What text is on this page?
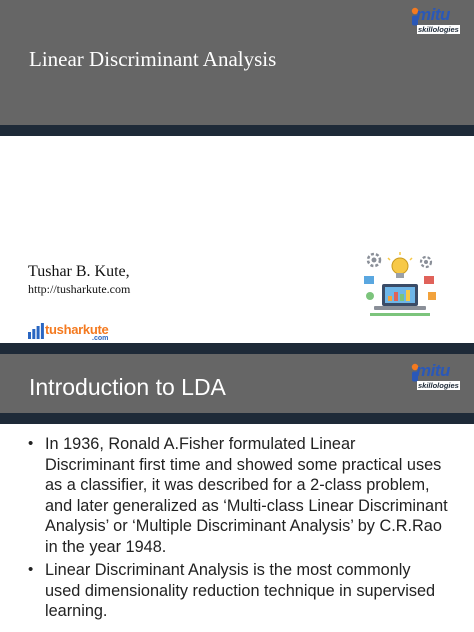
Linear Discriminant Analysis
mitu
skillologies
Tushar B. Kute,
http://tusharkute.com
tusharkute
.com
Introduction to LDA
mitu
skillologies
• In 1936, Ronald A.Fisher formulated Linear Discriminant first time and showed some practical uses as a classifier, it was described for a 2-class problem, and later generalized as ‘Multi-class Linear Discriminant Analysis’ or ‘Multiple Discriminant Analysis’ by C.R.Rao in the year 1948.
• Linear Discriminant Analysis is the most commonly used dimensionality reduction technique in supervised learning.
